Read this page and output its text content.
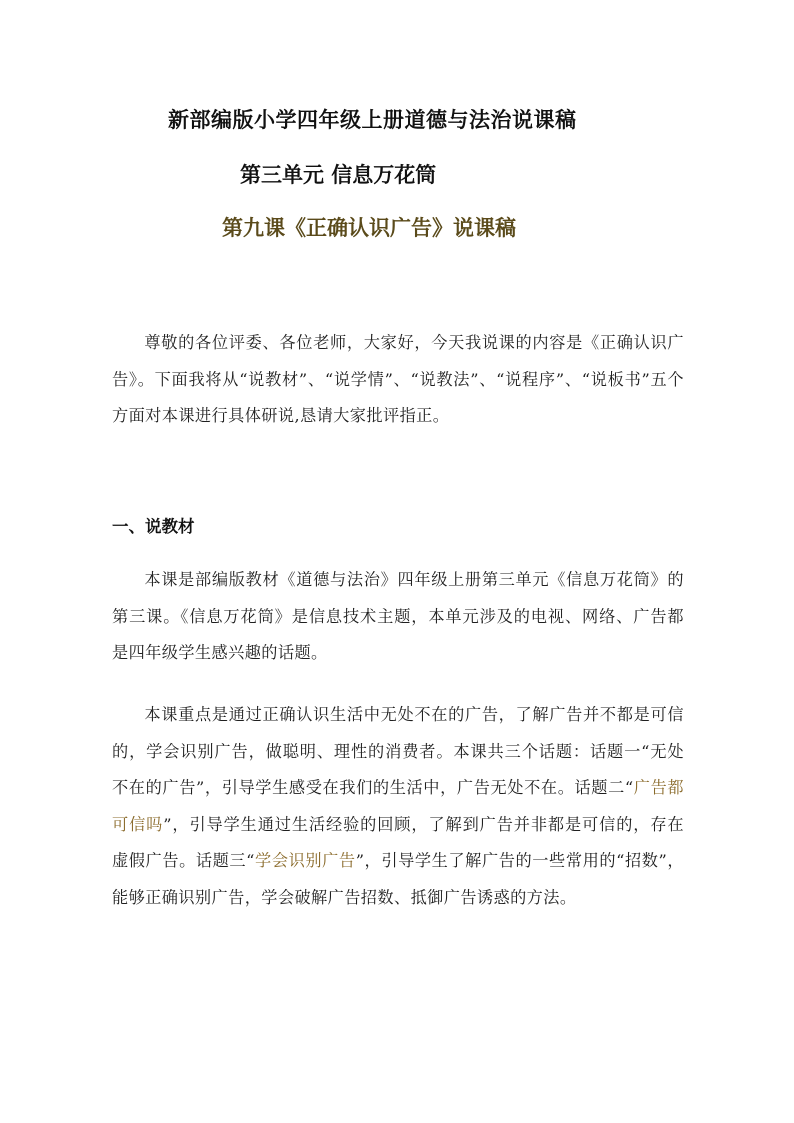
新部编版小学四年级上册道德与法治说课稿
第三单元 信息万花筒
第九课《正确认识广告》说课稿

尊敬的各位评委、各位老师，大家好，今天我说课的内容是《正确认识广告》。下面我将从“说教材”、“说学情”、“说教法”、“说程序”、“说板书”五个方面对本课进行具体研说,恳请大家批评指正。

一、说教材

本课是部编版教材《道德与法治》四年级上册第三单元《信息万花筒》的第三课。《信息万花筒》是信息技术主题，本单元涉及的电视、网络、广告都是四年级学生感兴趣的话题。

本课重点是通过正确认识生活中无处不在的广告，了解广告并不都是可信的，学会识别广告，做聪明、理性的消费者。本课共三个话题：话题一“无处不在的广告”，引导学生感受在我们的生活中，广告无处不在。话题二“广告都可信吗”，引导学生通过生活经验的回顾，了解到广告并非都是可信的，存在虚假广告。话题三“学会识别广告”，引导学生了解广告的一些常用的“招数”，能够正确识别广告，学会破解广告招数、抵御广告诱惑的方法。
